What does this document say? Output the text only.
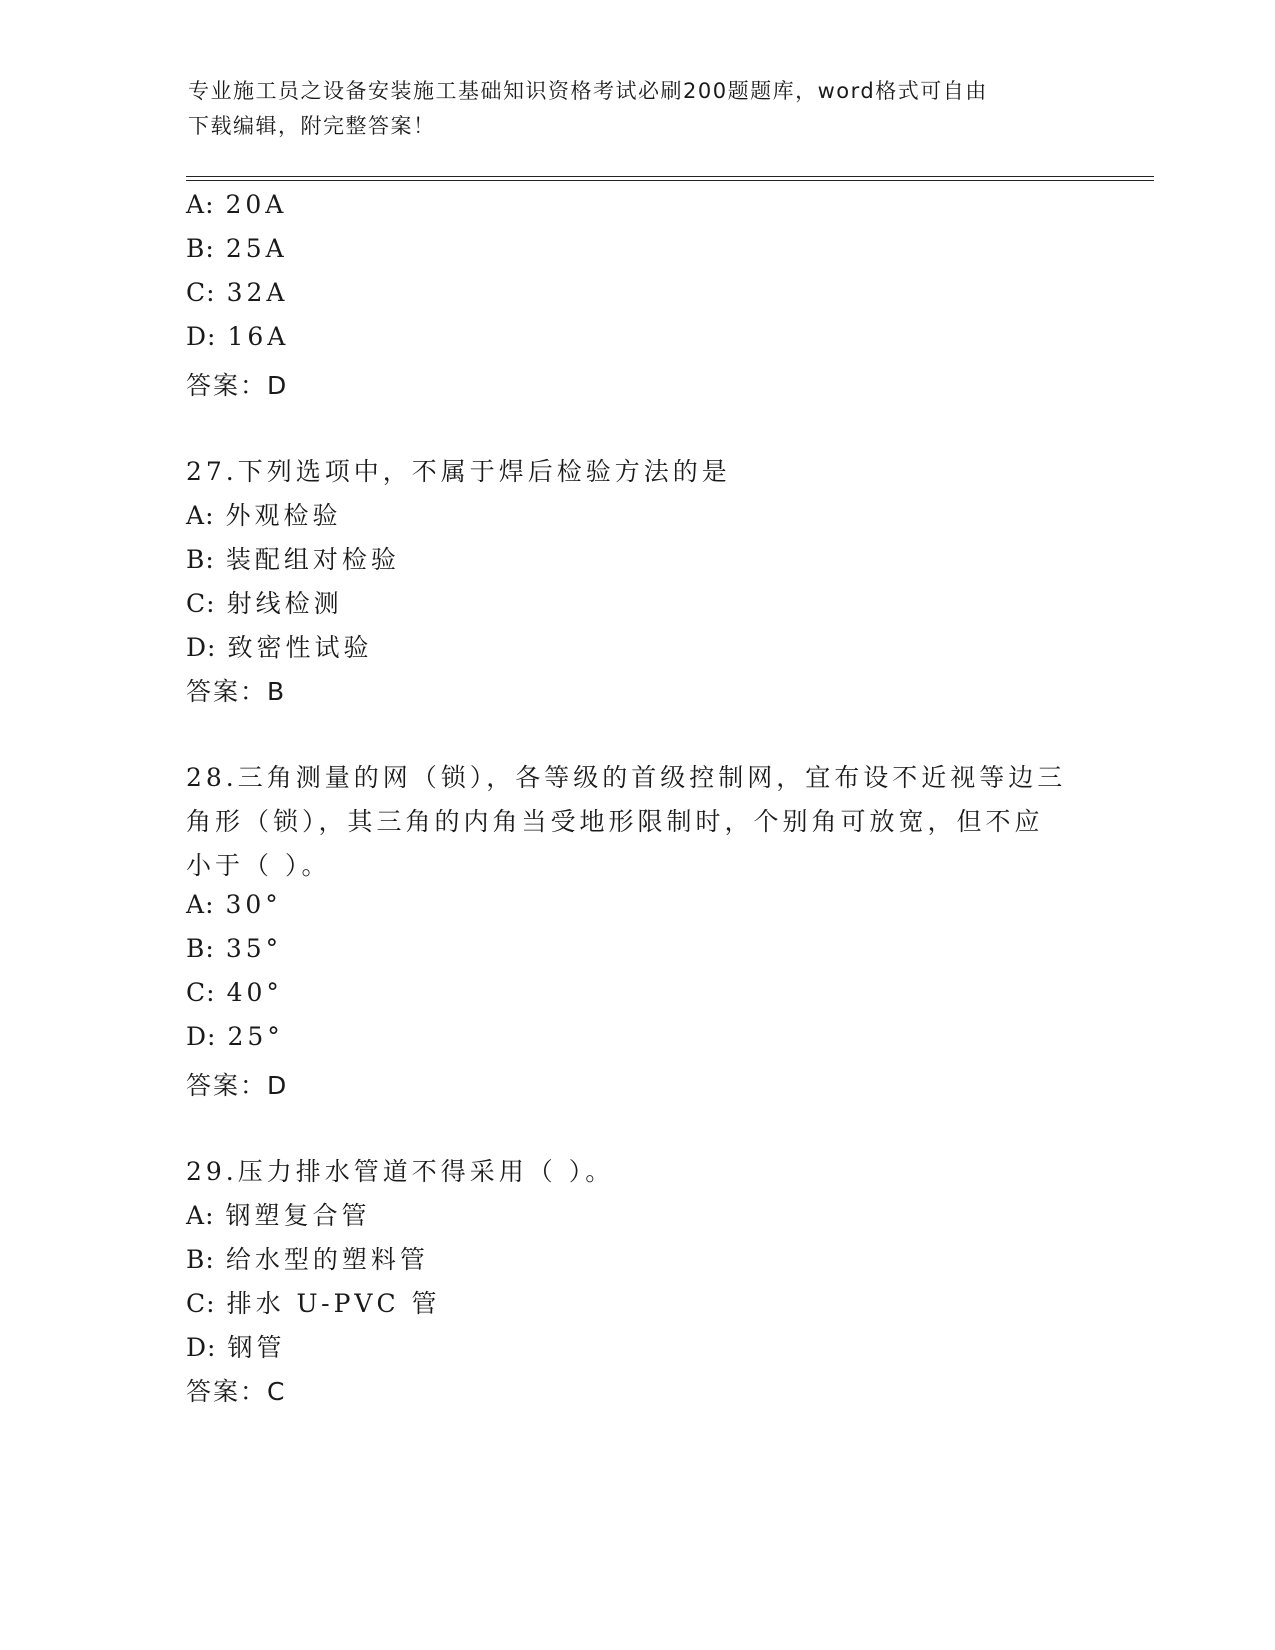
专业施工员之设备安装施工基础知识资格考试必刷200题题库，word格式可自由
下载编辑，附完整答案！
A: 20A
B: 25A
C: 32A
D: 16A
答案：D
27.下列选项中，不属于焊后检验方法的是
A: 外观检验
B: 装配组对检验
C: 射线检测
D: 致密性试验
答案：B
28.三角测量的网（锁），各等级的首级控制网，宜布设不近视等边三
角形（锁），其三角的内角当受地形限制时，个别角可放宽，但不应
小于（ ）。
A: 30°
B: 35°
C: 40°
D: 25°
答案：D
29.压力排水管道不得采用（ ）。
A: 钢塑复合管
B: 给水型的塑料管
C: 排水 U-PVC 管
D: 钢管
答案：C
